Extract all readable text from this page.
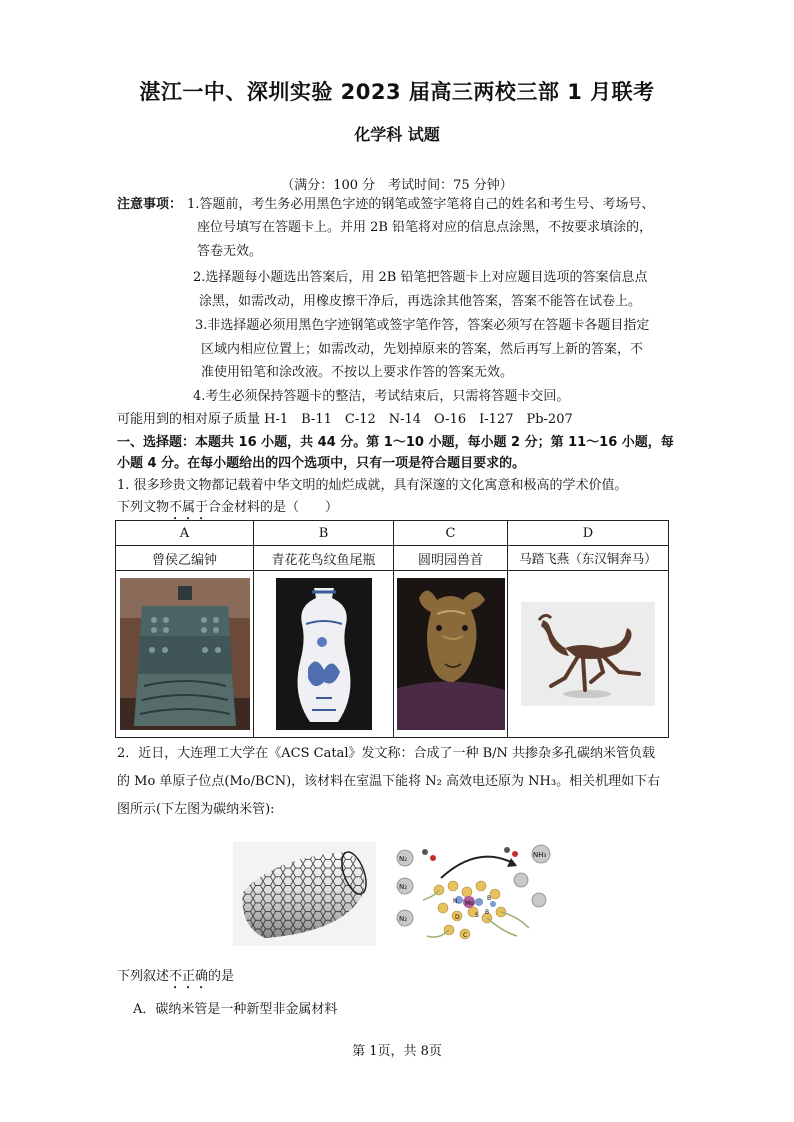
湛江一中、深圳实验 2023 届高三两校三部 1 月联考
化学科 试题
（满分：100 分　考试时间：75 分钟）
注意事项： 1.答题前，考生务必用黑色字迹的钢笔或签字笔将自己的姓名和考生号、考场号、
座位号填写在答题卡上。并用 2B 铅笔将对应的信息点涂黑，不按要求填涂的，
答卷无效。
2.选择题每小题选出答案后，用 2B 铅笔把答题卡上对应题目选项的答案信息点
涂黑，如需改动，用橡皮擦干净后，再选涂其他答案，答案不能答在试卷上。
3.非选择题必须用黑色字迹钢笔或签字笔作答，答案必须写在答题卡各题目指定
区域内相应位置上；如需改动，先划掉原来的答案，然后再写上新的答案，不
准使用铅笔和涂改液。不按以上要求作答的答案无效。
4.考生必须保持答题卡的整洁，考试结束后，只需将答题卡交回。
可能用到的相对原子质量 H-1　B-11　C-12　N-14　O-16　I-127　Pb-207
一、选择题：本题共 16 小题，共 44 分。第 1～10 小题，每小题 2 分；第 11～16 小题，每
小题 4 分。在每小题给出的四个选项中，只有一项是符合题目要求的。
1. 很多珍贵文物都记载着中华文明的灿烂成就，具有深邃的文化寓意和极高的学术价值。
下列文物不属于合金材料的是（　　）
A	B	C	D
曾侯乙编钟	青花花鸟纹鱼尾瓶	圆明园兽首	马踏飞燕（东汉铜奔马）

2．近日，大连理工大学在《ACS Catal》发文称：合成了一种 B/N 共掺杂多孔碳纳米管负载
的 Mo 单原子位点(Mo/BCN)，该材料在室温下能将 N₂ 高效电还原为 NH₃。相关机理如下右
图所示(下左图为碳纳米管):
N₂
N₂
N₂
NH₃
Mo
N	B
B
C
D	S
下列叙述不正确的是
A．碳纳米管是一种新型非金属材料
第 1页，共 8页
